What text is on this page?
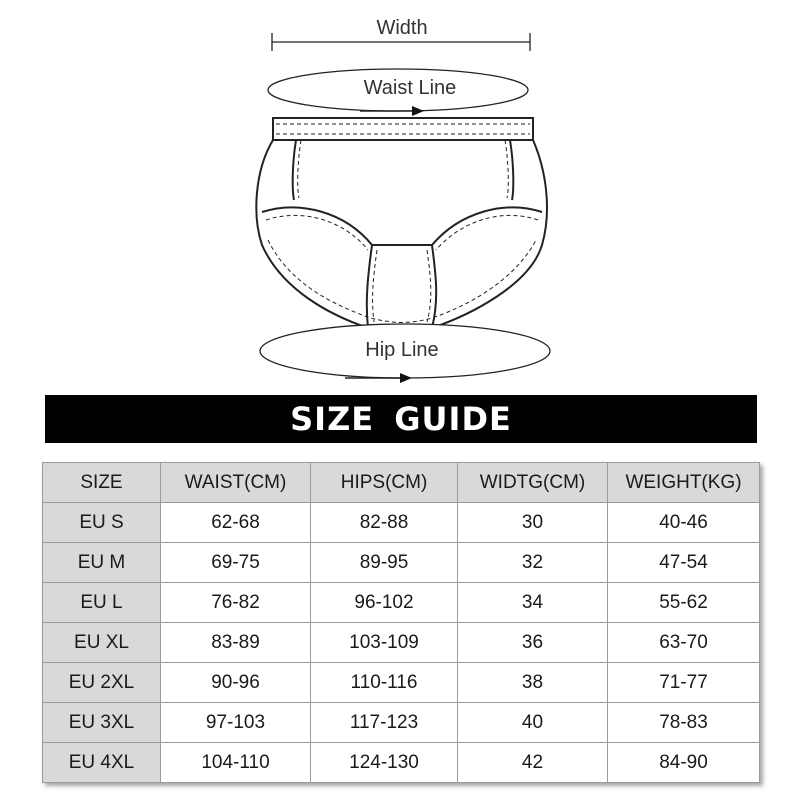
Width
Waist Line
Hip Line
SIZE GUIDE
SIZE	WAIST(CM)	HIPS(CM)	WIDTG(CM)	WEIGHT(KG)
EU S	62-68	82-88	30	40-46
EU M	69-75	89-95	32	47-54
EU L	76-82	96-102	34	55-62
EU XL	83-89	103-109	36	63-70
EU 2XL	90-96	110-116	38	71-77
EU 3XL	97-103	117-123	40	78-83
EU 4XL	104-110	124-130	42	84-90
